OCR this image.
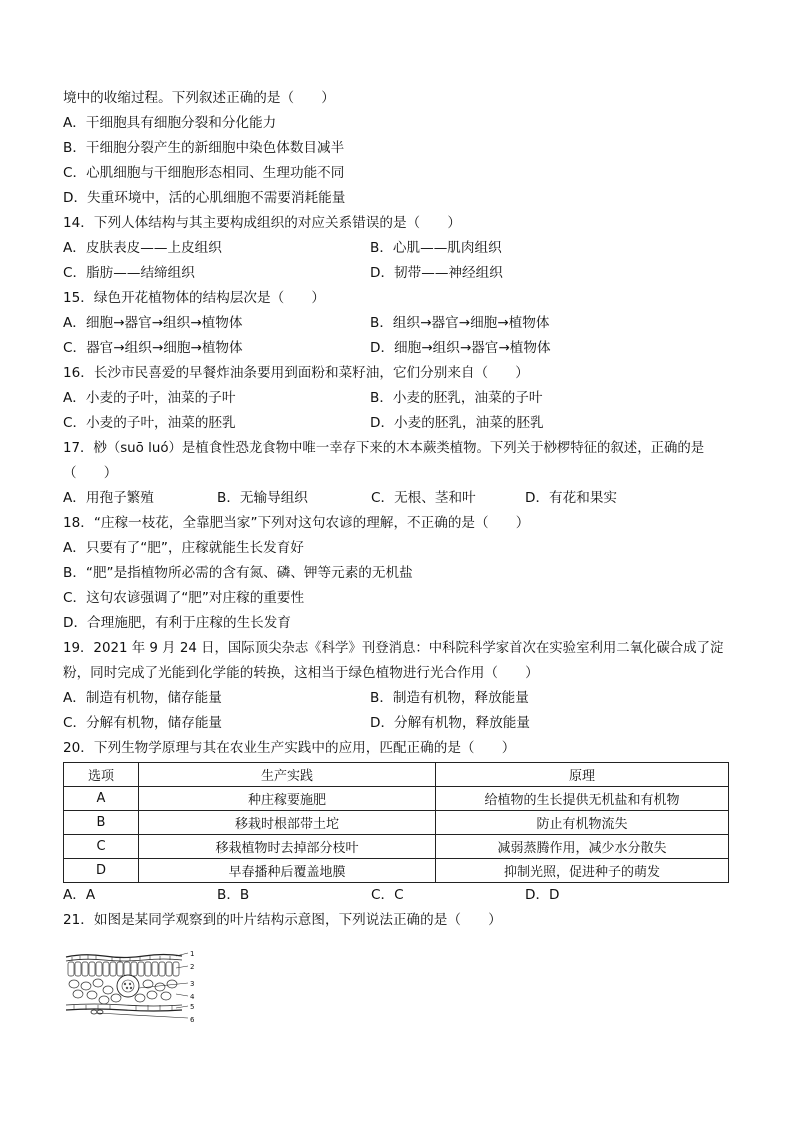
境中的收缩过程。下列叙述正确的是（　　）
A．干细胞具有细胞分裂和分化能力
B．干细胞分裂产生的新细胞中染色体数目减半
C．心肌细胞与干细胞形态相同、生理功能不同
D．失重环境中，活的心肌细胞不需要消耗能量
14．下列人体结构与其主要构成组织的对应关系错误的是（　　）
A．皮肤表皮——上皮组织	B．心肌——肌肉组织
C．脂肪——结缔组织	D．韧带——神经组织
15．绿色开花植物体的结构层次是（　　）
A．细胞→器官→组织→植物体	B．组织→器官→细胞→植物体
C．器官→组织→细胞→植物体	D．细胞→组织→器官→植物体
16．长沙市民喜爱的早餐炸油条要用到面粉和菜籽油，它们分别来自（　　）
A．小麦的子叶，油菜的子叶	B．小麦的胚乳，油菜的子叶
C．小麦的子叶，油菜的胚乳	D．小麦的胚乳，油菜的胚乳
17．桫（suō luó）是植食性恐龙食物中唯一幸存下来的木本蕨类植物。下列关于桫椤特征的叙述，正确的是
（　　）
A．用孢子繁殖	B．无输导组织	C．无根、茎和叶	D．有花和果实
18．“庄稼一枝花，全靠肥当家”下列对这句农谚的理解，不正确的是（　　）
A．只要有了“肥”，庄稼就能生长发育好
B．“肥”是指植物所必需的含有氮、磷、钾等元素的无机盐
C．这句农谚强调了“肥”对庄稼的重要性
D．合理施肥，有利于庄稼的生长发育
19．2021 年 9 月 24 日，国际顶尖杂志《科学》刊登消息：中科院科学家首次在实验室利用二氧化碳合成了淀
粉，同时完成了光能到化学能的转换，这相当于绿色植物进行光合作用（　　）
A．制造有机物，储存能量	B．制造有机物，释放能量
C．分解有机物，储存能量	D．分解有机物，释放能量
20．下列生物学原理与其在农业生产实践中的应用，匹配正确的是（　　）
选项	生产实践	原理
A	种庄稼要施肥	给植物的生长提供无机盐和有机物
B	移栽时根部带土坨	防止有机物流失
C	移栽植物时去掉部分枝叶	减弱蒸腾作用，减少水分散失
D	早春播种后覆盖地膜	抑制光照，促进种子的萌发
A．A	B．B	C．C	D．D
21．如图是某同学观察到的叶片结构示意图，下列说法正确的是（　　）
1
2
3
4
5
6
